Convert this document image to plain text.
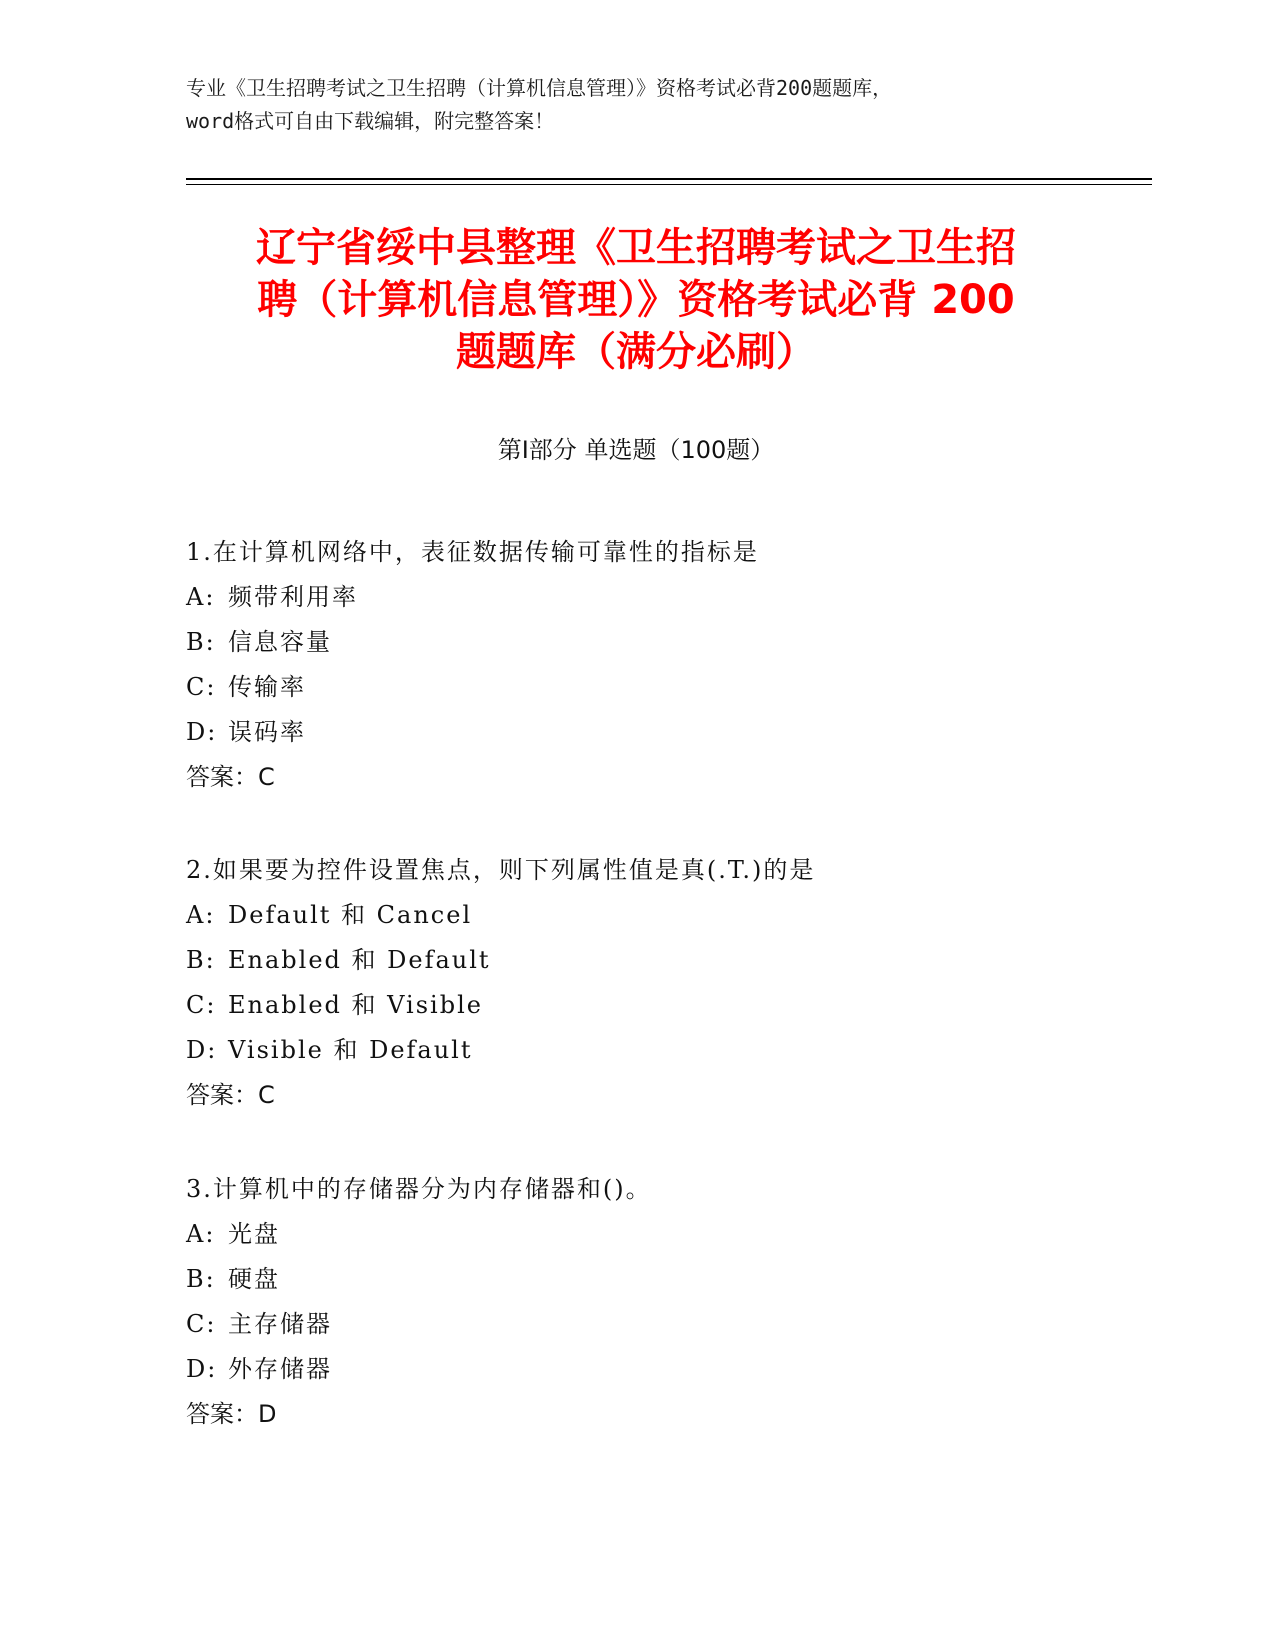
专业《卫生招聘考试之卫生招聘（计算机信息管理）》资格考试必背200题题库，
word格式可自由下载编辑，附完整答案！

辽宁省绥中县整理《卫生招聘考试之卫生招
聘（计算机信息管理）》资格考试必背 200
题题库（满分必刷）
第Ⅰ部分 单选题（100题）
1.在计算机网络中，表征数据传输可靠性的指标是
A: 频带利用率
B: 信息容量
C: 传输率
D: 误码率
答案：C
2.如果要为控件设置焦点，则下列属性值是真(.T.)的是
A: Default 和 Cancel
B: Enabled 和 Default
C: Enabled 和 Visible
D: Visible 和 Default
答案：C
3.计算机中的存储器分为内存储器和()。
A: 光盘
B: 硬盘
C: 主存储器
D: 外存储器
答案：D
